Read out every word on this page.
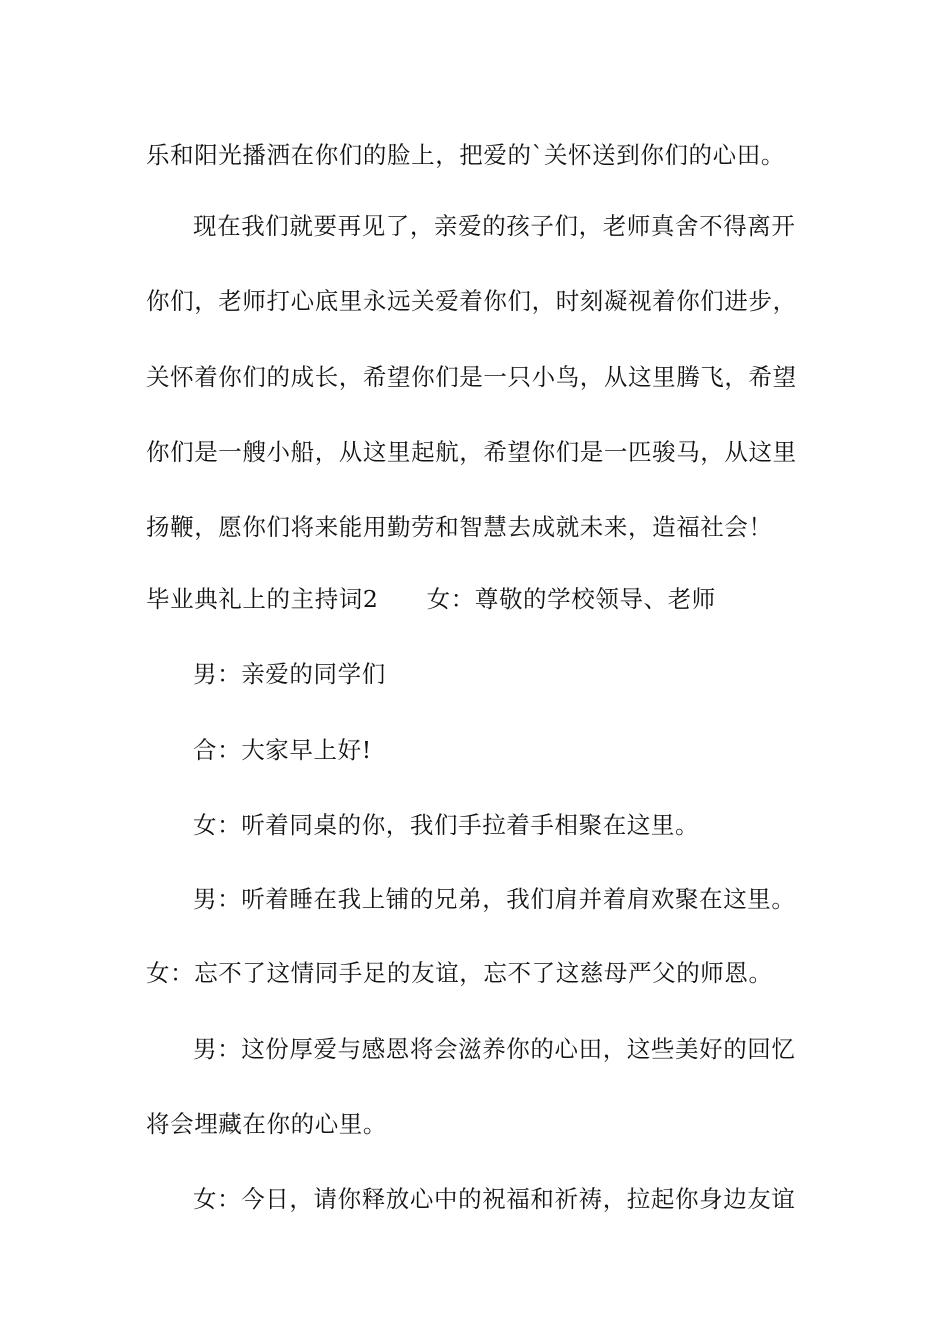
乐和阳光播洒在你们的脸上，把爱的`关怀送到你们的心田。
现在我们就要再见了，亲爱的孩子们，老师真舍不得离开
你们，老师打心底里永远关爱着你们，时刻凝视着你们进步，
关怀着你们的成长，希望你们是一只小鸟，从这里腾飞，希望
你们是一艘小船，从这里起航，希望你们是一匹骏马，从这里
扬鞭，愿你们将来能用勤劳和智慧去成就未来，造福社会！
毕业典礼上的主持词2　　女：尊敬的学校领导、老师
男：亲爱的同学们
合：大家早上好!
女：听着同桌的你，我们手拉着手相聚在这里。
男：听着睡在我上铺的兄弟，我们肩并着肩欢聚在这里。
女：忘不了这情同手足的友谊，忘不了这慈母严父的师恩。
男：这份厚爱与感恩将会滋养你的心田，这些美好的回忆
将会埋藏在你的心里。
女：今日，请你释放心中的祝福和祈祷，拉起你身边友谊
